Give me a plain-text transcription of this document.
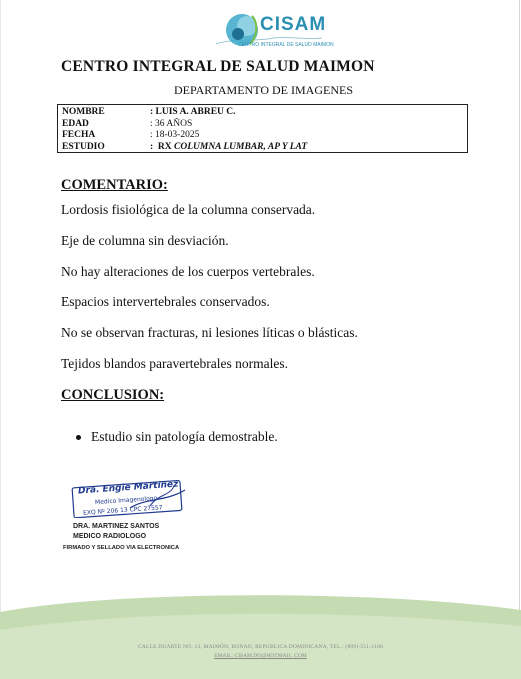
CISAM
CENTRO INTEGRAL DE SALUD MAIMON
CENTRO INTEGRAL DE SALUD MAIMON
DEPARTAMENTO DE IMAGENES
NOMBRE	: LUIS A. ABREU C.
EDAD	: 36 AÑOS
FECHA	: 18-03-2025
ESTUDIO	:  RX COLUMNA LUMBAR, AP Y LAT
COMENTARIO:
Lordosis fisiológica de la columna conservada.
Eje de columna sin desviación.
No hay alteraciones de los cuerpos vertebrales.
Espacios intervertebrales conservados.
No se observan fracturas, ni lesiones líticas o blásticas.
Tejidos blandos paravertebrales normales.
CONCLUSION:
Estudio sin patología demostrable.
Dra. Engie Martinez
Medico Imagenologo
EXQ Nº 206 13 CPC 27557
DRA. MARTINEZ SANTOS
MEDICO RADIOLOGO
FIRMADO Y SELLADO VIA ELECTRONICA
CALLE DUARTE NO. 13, MAIMÓN, BONAO, REPUBLICA DOMINICANA, TEL.: (809)-551-2106
EMAIL: CISAM.DO@HOTMAIL .COM
